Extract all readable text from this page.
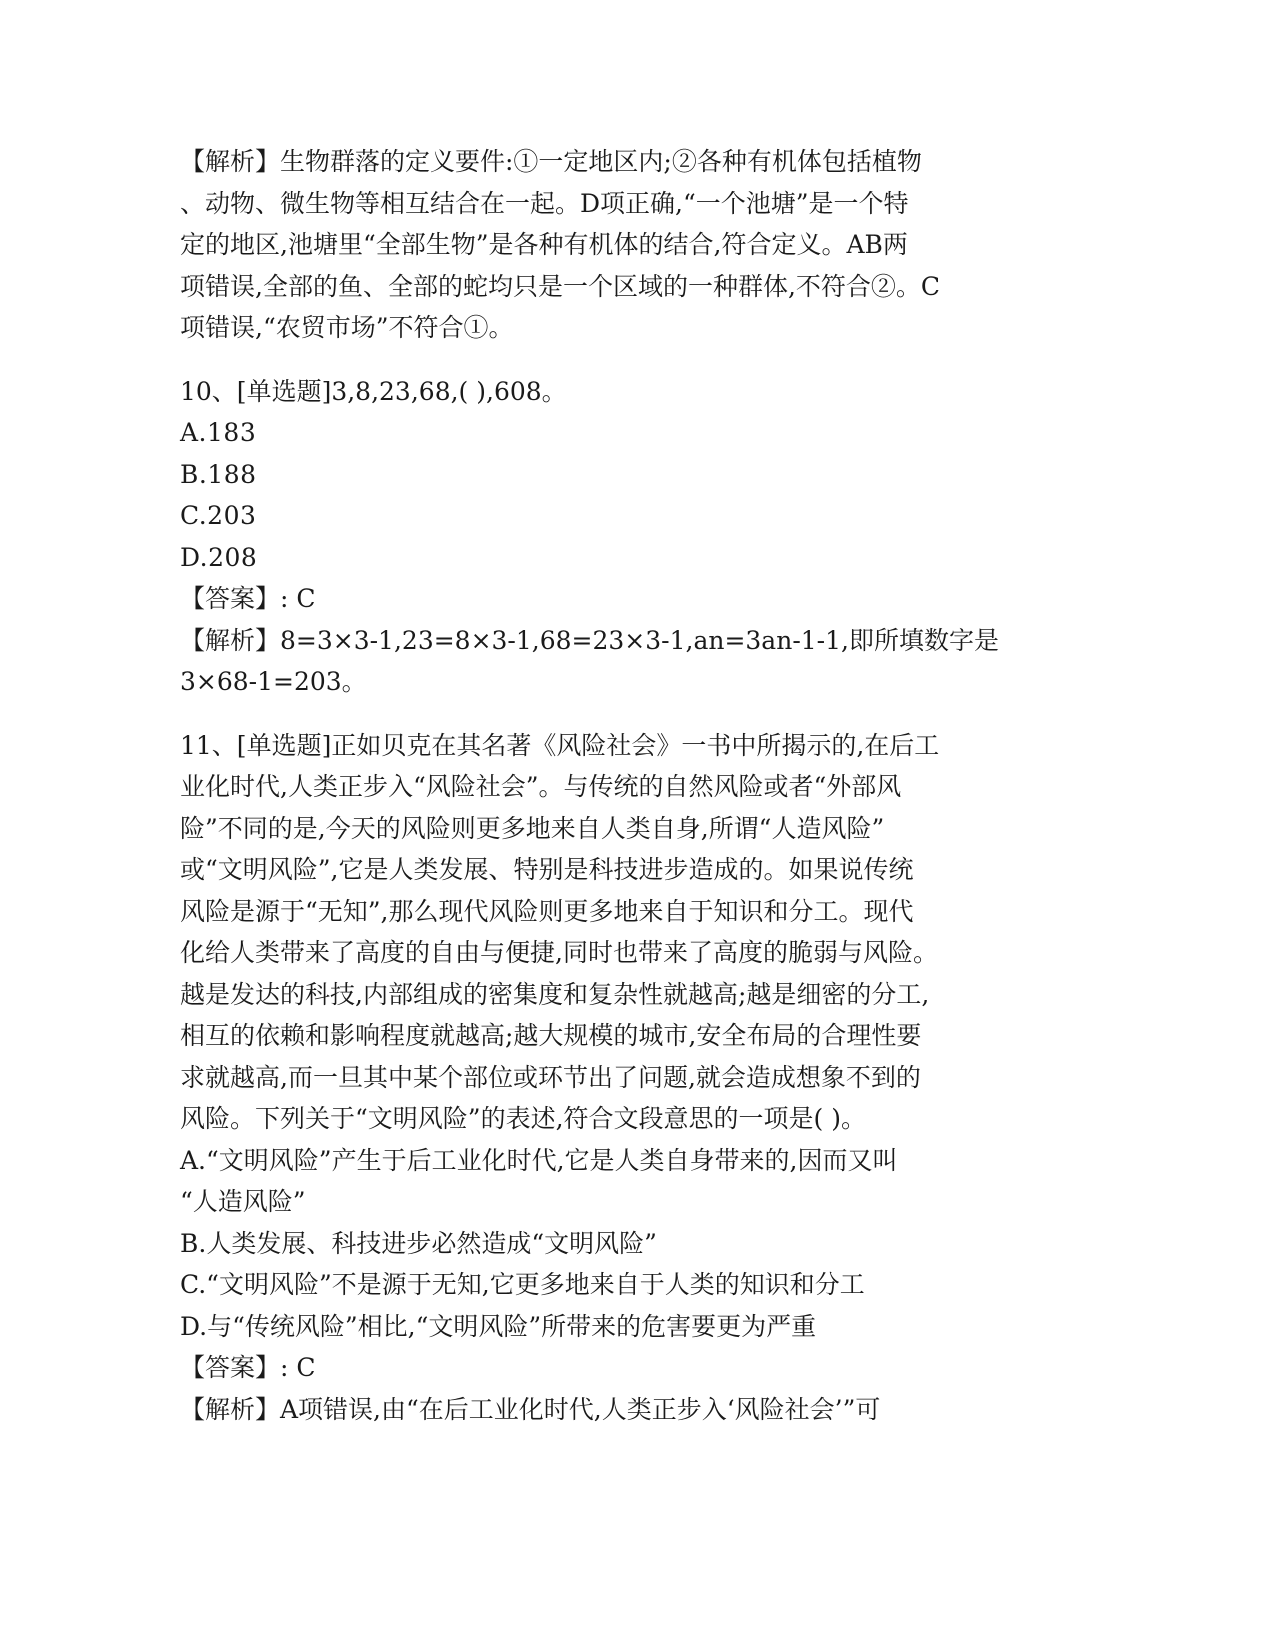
【解析】生物群落的定义要件:①一定地区内;②各种有机体包括植物

、动物、微生物等相互结合在一起。D项正确,“一个池塘”是一个特

定的地区,池塘里“全部生物”是各种有机体的结合,符合定义。AB两

项错误,全部的鱼、全部的蛇均只是一个区域的一种群体,不符合②。C

项错误,“农贸市场”不符合①。

10、[单选题]3,8,23,68,( ),608。

A.183

B.188

C.203

D.208

【答案】: C

【解析】8=3×3-1,23=8×3-1,68=23×3-1,an=3an-1-1,即所填数字是

3×68-1=203。

11、[单选题]正如贝克在其名著《风险社会》一书中所揭示的,在后工

业化时代,人类正步入“风险社会”。与传统的自然风险或者“外部风

险”不同的是,今天的风险则更多地来自人类自身,所谓“人造风险”

或“文明风险”,它是人类发展、特别是科技进步造成的。如果说传统

风险是源于“无知”,那么现代风险则更多地来自于知识和分工。现代

化给人类带来了高度的自由与便捷,同时也带来了高度的脆弱与风险。

越是发达的科技,内部组成的密集度和复杂性就越高;越是细密的分工,

相互的依赖和影响程度就越高;越大规模的城市,安全布局的合理性要

求就越高,而一旦其中某个部位或环节出了问题,就会造成想象不到的

风险。下列关于“文明风险”的表述,符合文段意思的一项是( )。

A.“文明风险”产生于后工业化时代,它是人类自身带来的,因而又叫

“人造风险”

B.人类发展、科技进步必然造成“文明风险”

C.“文明风险”不是源于无知,它更多地来自于人类的知识和分工

D.与“传统风险”相比,“文明风险”所带来的危害要更为严重

【答案】: C

【解析】A项错误,由“在后工业化时代,人类正步入‘风险社会’”可
